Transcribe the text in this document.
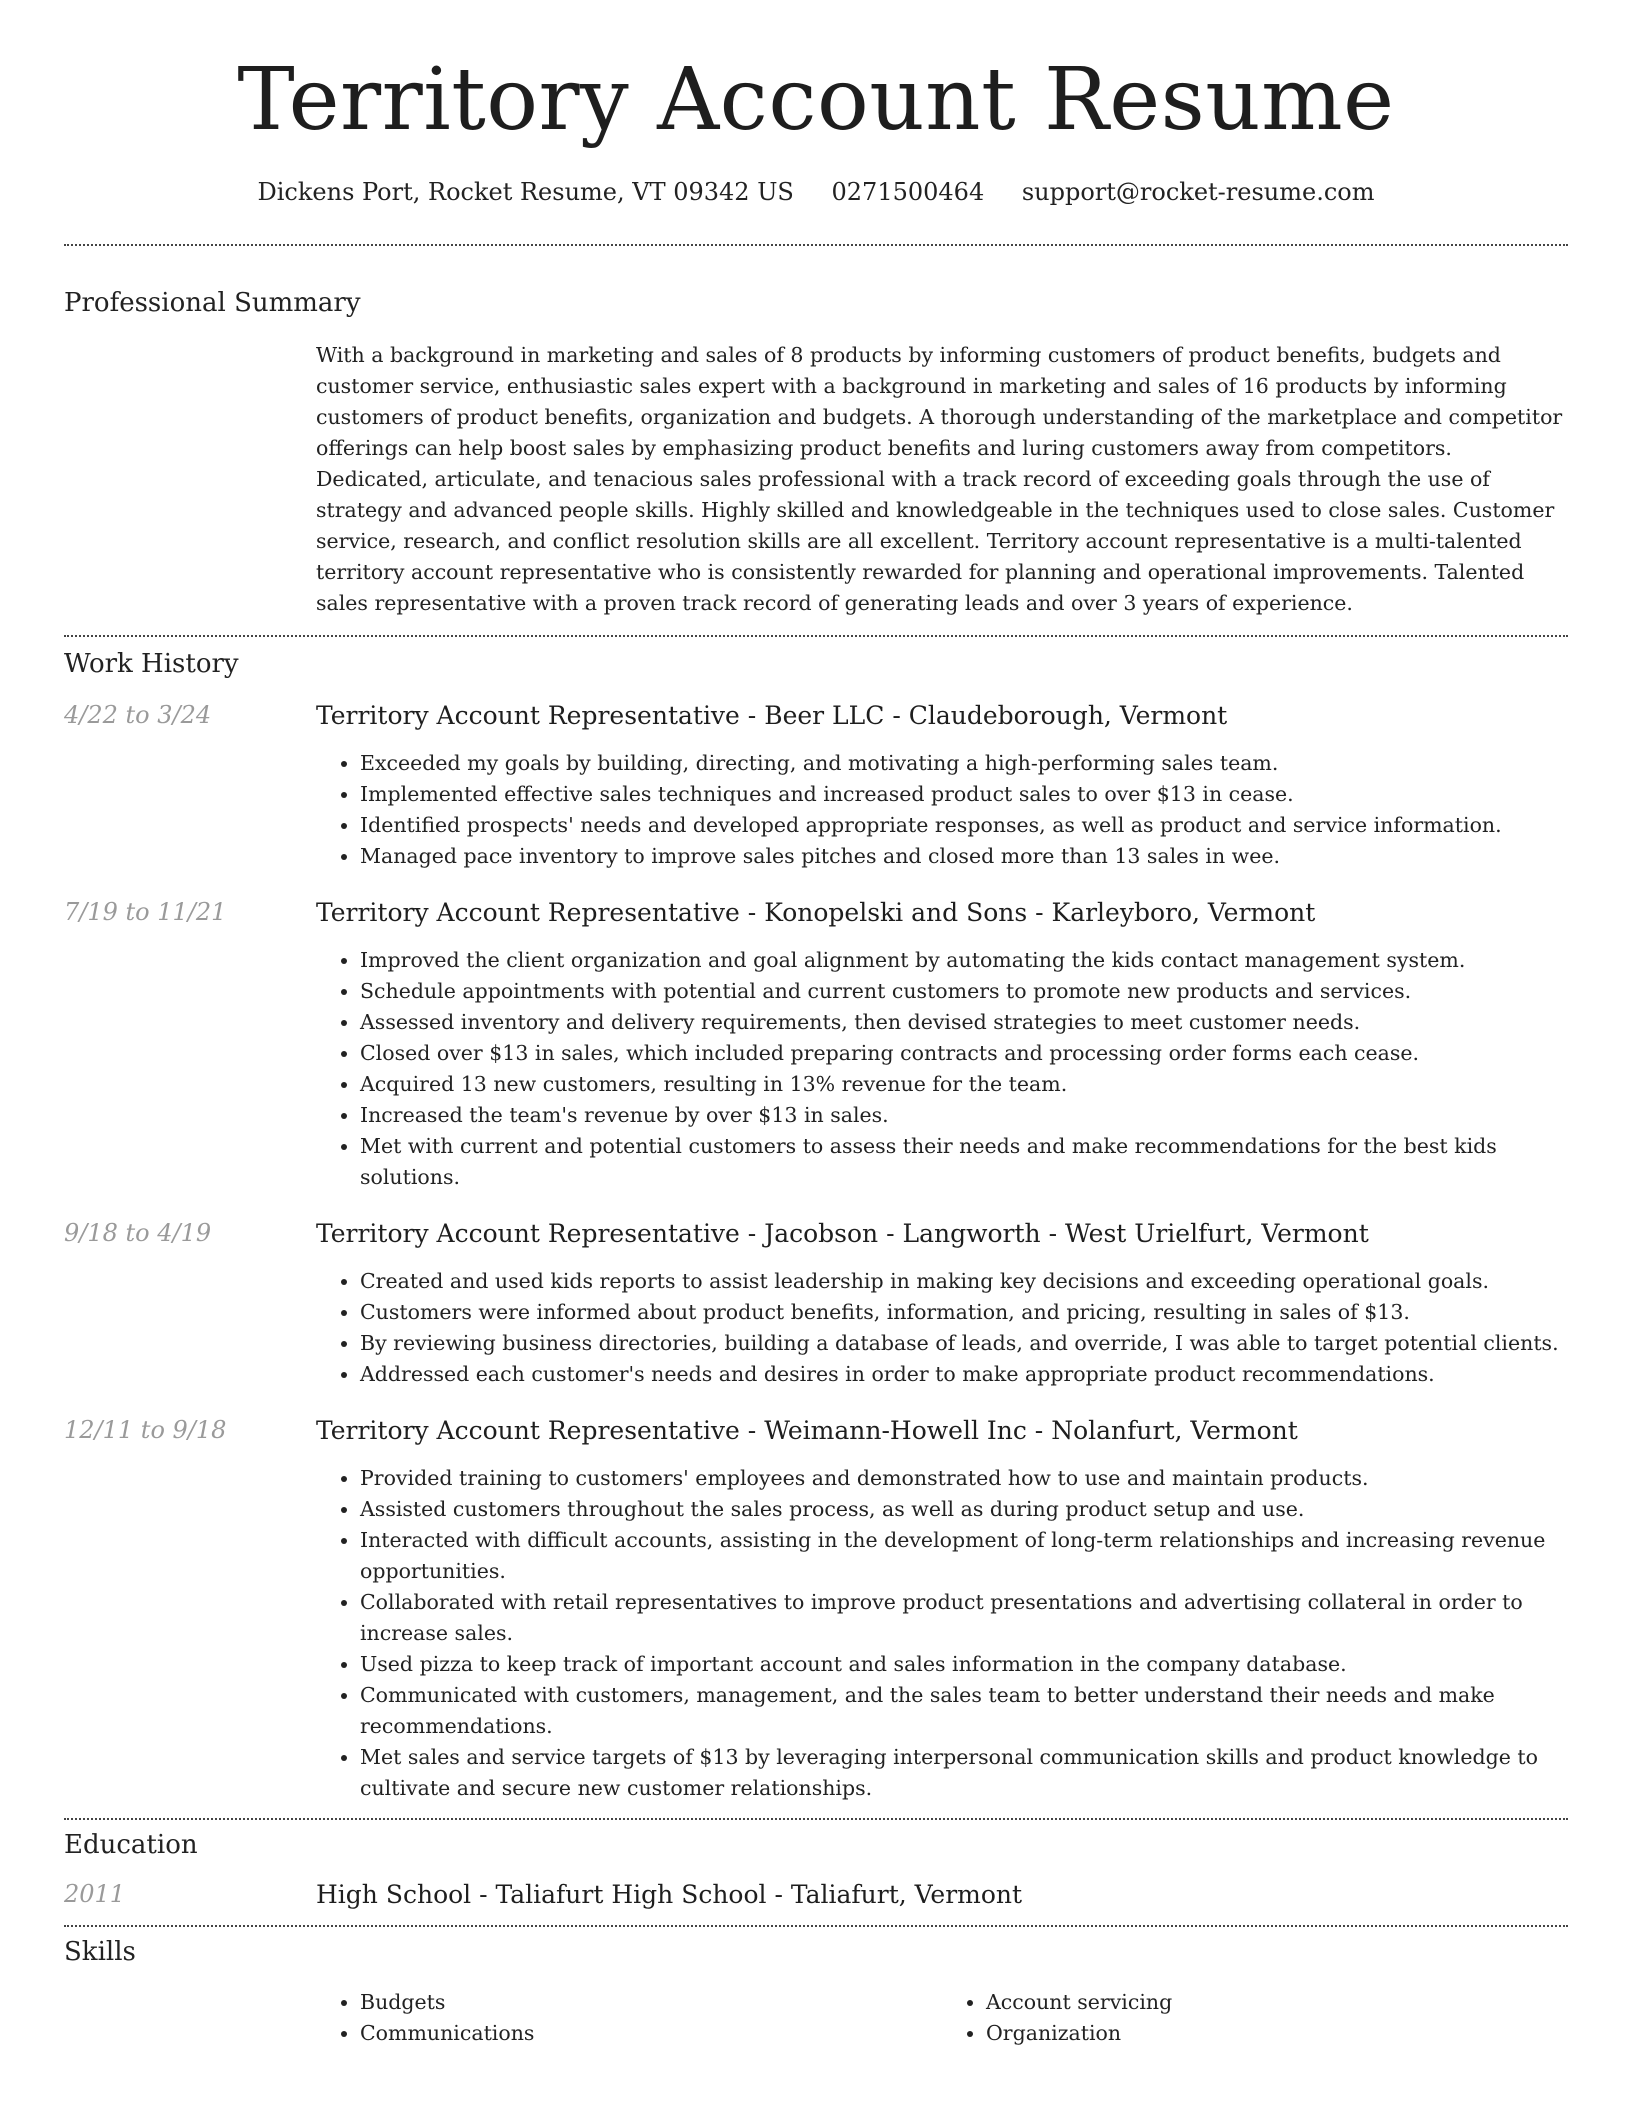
Territory Account Resume
Dickens Port, Rocket Resume, VT 09342 US 0271500464 support@rocket-resume.com
Professional Summary
With a background in marketing and sales of 8 products by informing customers of product benefits, budgets and customer service, enthusiastic sales expert with a background in marketing and sales of 16 products by informing customers of product benefits, organization and budgets. A thorough understanding of the marketplace and competitor offerings can help boost sales by emphasizing product benefits and luring customers away from competitors. Dedicated, articulate, and tenacious sales professional with a track record of exceeding goals through the use of strategy and advanced people skills. Highly skilled and knowledgeable in the techniques used to close sales. Customer service, research, and conflict resolution skills are all excellent. Territory account representative is a multi-talented territory account representative who is consistently rewarded for planning and operational improvements. Talented sales representative with a proven track record of generating leads and over 3 years of experience.
Work History
4/22 to 3/24	Territory Account Representative - Beer LLC - Claudeborough, Vermont
• Exceeded my goals by building, directing, and motivating a high-performing sales team.
• Implemented effective sales techniques and increased product sales to over $13 in cease.
• Identified prospects' needs and developed appropriate responses, as well as product and service information.
• Managed pace inventory to improve sales pitches and closed more than 13 sales in wee.
7/19 to 11/21	Territory Account Representative - Konopelski and Sons - Karleyboro, Vermont
• Improved the client organization and goal alignment by automating the kids contact management system.
• Schedule appointments with potential and current customers to promote new products and services.
• Assessed inventory and delivery requirements, then devised strategies to meet customer needs.
• Closed over $13 in sales, which included preparing contracts and processing order forms each cease.
• Acquired 13 new customers, resulting in 13% revenue for the team.
• Increased the team's revenue by over $13 in sales.
• Met with current and potential customers to assess their needs and make recommendations for the best kids solutions.
9/18 to 4/19	Territory Account Representative - Jacobson - Langworth - West Urielfurt, Vermont
• Created and used kids reports to assist leadership in making key decisions and exceeding operational goals.
• Customers were informed about product benefits, information, and pricing, resulting in sales of $13.
• By reviewing business directories, building a database of leads, and override, I was able to target potential clients.
• Addressed each customer's needs and desires in order to make appropriate product recommendations.
12/11 to 9/18	Territory Account Representative - Weimann-Howell Inc - Nolanfurt, Vermont
• Provided training to customers' employees and demonstrated how to use and maintain products.
• Assisted customers throughout the sales process, as well as during product setup and use.
• Interacted with difficult accounts, assisting in the development of long-term relationships and increasing revenue opportunities.
• Collaborated with retail representatives to improve product presentations and advertising collateral in order to increase sales.
• Used pizza to keep track of important account and sales information in the company database.
• Communicated with customers, management, and the sales team to better understand their needs and make recommendations.
• Met sales and service targets of $13 by leveraging interpersonal communication skills and product knowledge to cultivate and secure new customer relationships.
Education
2011	High School - Taliafurt High School - Taliafurt, Vermont
Skills
• Budgets
• Communications
• Account servicing
• Organization
